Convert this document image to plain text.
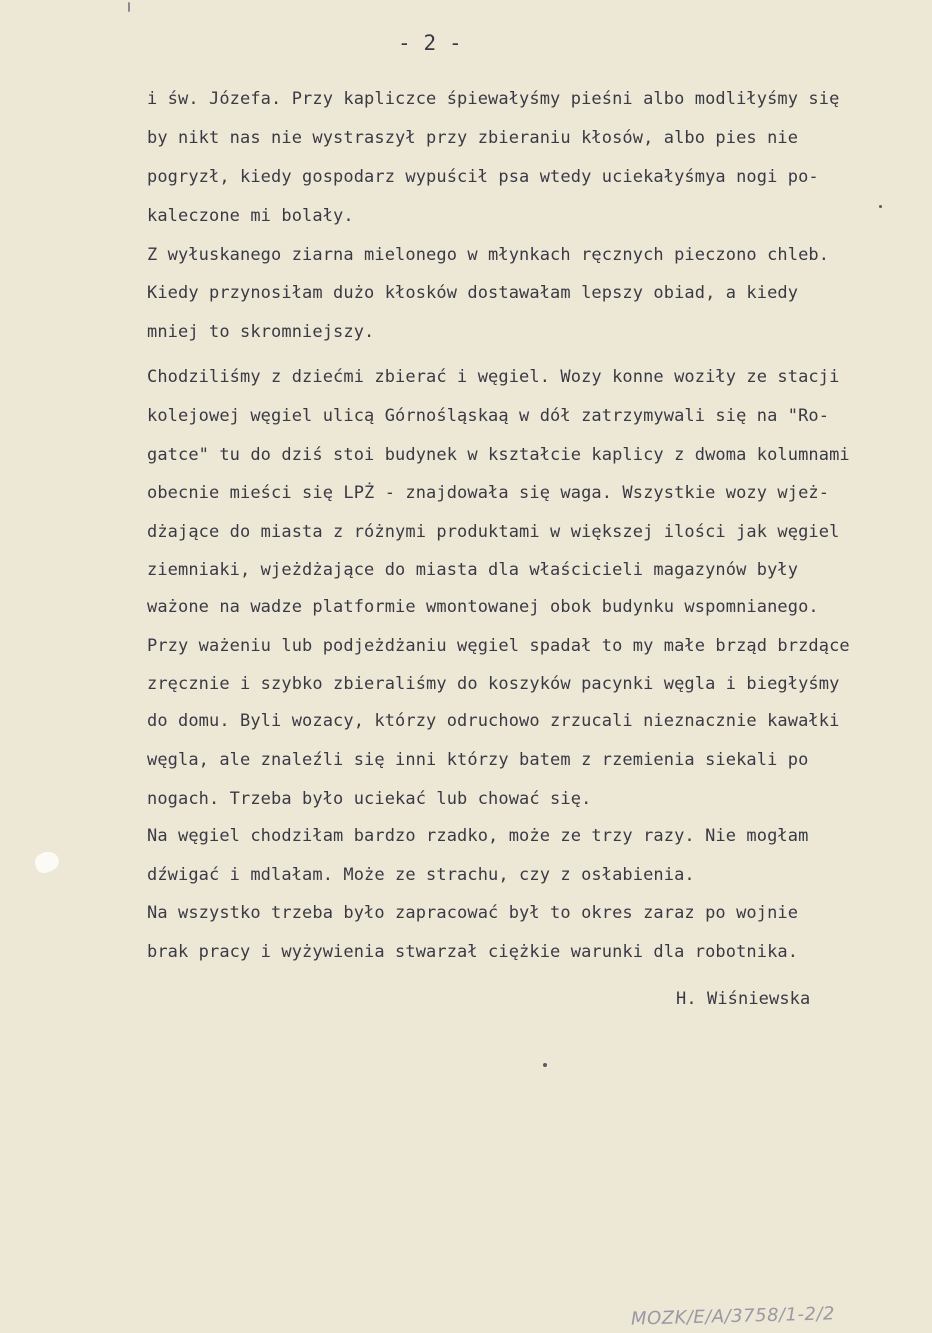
- 2 -
i św. Józefa. Przy kapliczce śpiewałyśmy pieśni albo modliłyśmy się
by nikt nas nie wystraszył przy zbieraniu kłosów, albo pies nie
pogryzł, kiedy gospodarz wypuścił psa wtedy uciekałyśmya nogi po-
kaleczone mi bolały.
Z wyłuskanego ziarna mielonego w młynkach ręcznych pieczono chleb.
Kiedy przynosiłam dużo kłosków dostawałam lepszy obiad, a kiedy
mniej to skromniejszy.
Chodziliśmy z dziećmi zbierać i węgiel. Wozy konne woziły ze stacji
kolejowej węgiel ulicą Górnośląskaą w dół zatrzymywali się na "Ro-
gatce" tu do dziś stoi budynek w kształcie kaplicy z dwoma kolumnami
obecnie mieści się LPŻ - znajdowała się waga. Wszystkie wozy wjeż-
dżające do miasta z różnymi produktami w większej ilości jak węgiel
ziemniaki, wjeżdżające do miasta dla właścicieli magazynów były
ważone na wadze platformie wmontowanej obok budynku wspomnianego.
Przy ważeniu lub podjeżdżaniu węgiel spadał to my małe brząd brzdące
zręcznie i szybko zbieraliśmy do koszyków pacynki węgla i biegłyśmy
do domu. Byli wozacy, którzy odruchowo zrzucali nieznacznie kawałki
węgla, ale znaleźli się inni którzy batem z rzemienia siekali po
nogach. Trzeba było uciekać lub chować się.
Na węgiel chodziłam bardzo rzadko, może ze trzy razy. Nie mogłam
dźwigać i mdlałam. Może ze strachu, czy z osłabienia.
Na wszystko trzeba było zapracować był to okres zaraz po wojnie
brak pracy i wyżywienia stwarzał ciężkie warunki dla robotnika.
H. Wiśniewska
MOZK/E/A/3758/1-2/2
